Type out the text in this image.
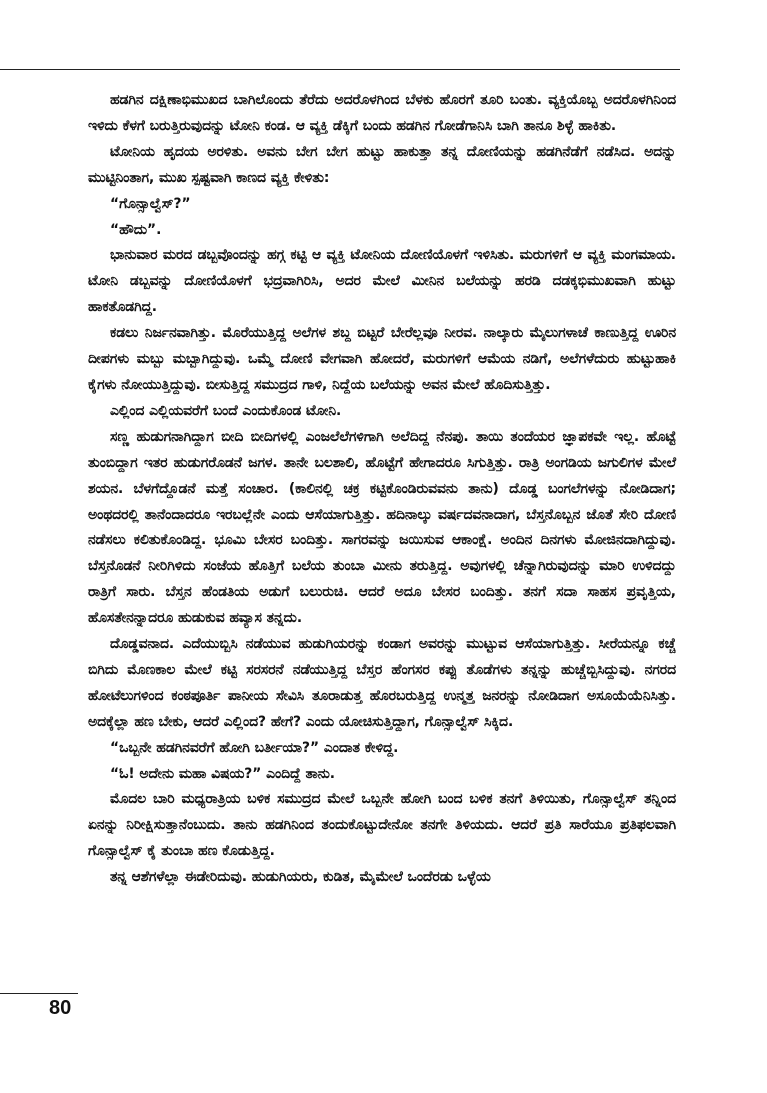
ಹಡಗಿನ ದಕ್ಷಿಣಾಭಿಮುಖದ ಬಾಗಿಲೊಂದು ತೆರೆದು ಅದರೊಳಗಿಂದ ಬೆಳಕು ಹೊರಗೆ ತೂರಿ ಬಂತು. ವ್ಯಕ್ತಿಯೊಬ್ಬ ಅದರೊಳಗಿನಿಂದ ಇಳಿದು ಕೆಳಗೆ ಬರುತ್ತಿರುವುದನ್ನು ಟೋನಿ ಕಂಡ. ಆ ವ್ಯಕ್ತಿ ಡೆಕ್ಕಿಗೆ ಬಂದು ಹಡಗಿನ ಗೋಡೆಗಾನಿಸಿ ಬಾಗಿ ತಾನೂ ಶಿಳ್ಳೆ ಹಾಕಿತು.

ಟೋನಿಯ ಹೃದಯ ಅರಳಿತು. ಅವನು ಬೇಗ ಬೇಗ ಹುಟ್ಟು ಹಾಕುತ್ತಾ ತನ್ನ ದೋಣಿಯನ್ನು ಹಡಗಿನೆಡೆಗೆ ನಡೆಸಿದ. ಅದನ್ನು ಮುಟ್ಟಿನಿಂತಾಗ, ಮುಖ ಸ್ಪಷ್ಟವಾಗಿ ಕಾಣದ ವ್ಯಕ್ತಿ ಕೇಳಿತು:

“ಗೊನ್ಸಾಲ್ವೆಸ್?”

“ಹೌದು”.

ಭಾನುವಾರ ಮರದ ಡಬ್ಬವೊಂದನ್ನು ಹಗ್ಗ ಕಟ್ಟಿ ಆ ವ್ಯಕ್ತಿ ಟೋನಿಯ ದೋಣಿಯೊಳಗೆ ಇಳಿಸಿತು. ಮರುಗಳಿಗೆ ಆ ವ್ಯಕ್ತಿ ಮಂಗಮಾಯ. ಟೋನಿ ಡಬ್ಬವನ್ನು ದೋಣಿಯೊಳಗೆ ಭದ್ರವಾಗಿರಿಸಿ, ಅದರ ಮೇಲೆ ಮೀನಿನ ಬಲೆಯನ್ನು ಹರಡಿ ದಡಕ್ಕಭಿಮುಖವಾಗಿ ಹುಟ್ಟು ಹಾಕತೊಡಗಿದ್ದ.

ಕಡಲು ನಿರ್ಜನವಾಗಿತ್ತು. ಮೊರೆಯುತ್ತಿದ್ದ ಅಲೆಗಳ ಶಬ್ದ ಬಿಟ್ಟರೆ ಬೇರೆಲ್ಲವೂ ನೀರವ. ನಾಲ್ಕಾರು ಮೈಲುಗಳಾಚೆ ಕಾಣುತ್ತಿದ್ದ ಊರಿನ ದೀಪಗಳು ಮಬ್ಬು ಮಬ್ಬಾಗಿದ್ದುವು. ಒಮ್ಮೆ ದೋಣಿ ವೇಗವಾಗಿ ಹೋದರೆ, ಮರುಗಳಿಗೆ ಆಮೆಯ ನಡಿಗೆ, ಅಲೆಗಳೆದುರು ಹುಟ್ಟುಹಾಕಿ ಕೈಗಳು ನೋಯುತ್ತಿದ್ದುವು. ಬೀಸುತ್ತಿದ್ದ ಸಮುದ್ರದ ಗಾಳಿ, ನಿದ್ದೆಯ ಬಲೆಯನ್ನು ಅವನ ಮೇಲೆ ಹೊದಿಸುತ್ತಿತ್ತು.

ಎಲ್ಲಿಂದ ಎಲ್ಲಿಯವರೆಗೆ ಬಂದೆ ಎಂದುಕೊಂಡ ಟೋನಿ.

ಸಣ್ಣ ಹುಡುಗನಾಗಿದ್ದಾಗ ಬೀದಿ ಬೀದಿಗಳಲ್ಲಿ ಎಂಜಲೆಲೆಗಳಿಗಾಗಿ ಅಲೆದಿದ್ದ ನೆನಪು. ತಾಯಿ ತಂದೆಯರ ಜ್ಞಾಪಕವೇ ಇಲ್ಲ. ಹೊಟ್ಟೆ ತುಂಬಿದ್ದಾಗ ಇತರ ಹುಡುಗರೊಡನೆ ಜಗಳ. ತಾನೇ ಬಲಶಾಲಿ, ಹೊಟ್ಟೆಗೆ ಹೇಗಾದರೂ ಸಿಗುತ್ತಿತ್ತು. ರಾತ್ರಿ ಅಂಗಡಿಯ ಜಗುಲಿಗಳ ಮೇಲೆ ಶಯನ. ಬೆಳಗೆದ್ದೊಡನೆ ಮತ್ತೆ ಸಂಚಾರ. (ಕಾಲಿನಲ್ಲಿ ಚಕ್ರ ಕಟ್ಟಿಕೊಂಡಿರುವವನು ತಾನು) ದೊಡ್ಡ ಬಂಗಲೆಗಳನ್ನು ನೋಡಿದಾಗ; ಅಂಥದರಲ್ಲಿ ತಾನೆಂದಾದರೂ ಇರಬಲ್ಲೆನೇ ಎಂದು ಆಸೆಯಾಗುತ್ತಿತ್ತು. ಹದಿನಾಲ್ಕು ವರ್ಷದವನಾದಾಗ, ಬೆಸ್ತನೊಬ್ಬನ ಜೊತೆ ಸೇರಿ ದೋಣಿ ನಡೆಸಲು ಕಲಿತುಕೊಂಡಿದ್ದ. ಭೂಮಿ ಬೇಸರ ಬಂದಿತ್ತು. ಸಾಗರವನ್ನು ಜಯಿಸುವ ಆಕಾಂಕ್ಷೆ. ಅಂದಿನ ದಿನಗಳು ಮೋಜಿನದಾಗಿದ್ದುವು. ಬೆಸ್ತನೊಡನೆ ನೀರಿಗಿಳಿದು ಸಂಜೆಯ ಹೊತ್ತಿಗೆ ಬಲೆಯ ತುಂಬಾ ಮೀನು ತರುತ್ತಿದ್ದ. ಅವುಗಳಲ್ಲಿ ಚೆನ್ನಾಗಿರುವುದನ್ನು ಮಾರಿ ಉಳಿದದ್ದು ರಾತ್ರಿಗೆ ಸಾರು. ಬೆಸ್ತನ ಹೆಂಡತಿಯ ಅಡುಗೆ ಬಲುರುಚಿ. ಆದರೆ ಅದೂ ಬೇಸರ ಬಂದಿತ್ತು. ತನಗೆ ಸದಾ ಸಾಹಸ ಪ್ರವೃತ್ತಿಯ, ಹೊಸತೇನನ್ನಾದರೂ ಹುಡುಕುವ ಹವ್ಯಾಸ ತನ್ನದು.

ದೊಡ್ಡವನಾದ. ಎದೆಯುಬ್ಬಿಸಿ ನಡೆಯುವ ಹುಡುಗಿಯರನ್ನು ಕಂಡಾಗ ಅವರನ್ನು ಮುಟ್ಟುವ ಆಸೆಯಾಗುತ್ತಿತ್ತು. ಸೀರೆಯನ್ನೂ ಕಚ್ಚೆ ಬಿಗಿದು ಮೊಣಕಾಲ ಮೇಲೆ ಕಟ್ಟಿ ಸರಸರನೆ ನಡೆಯುತ್ತಿದ್ದ ಬೆಸ್ತರ ಹೆಂಗಸರ ಕಪ್ಪು ತೊಡೆಗಳು ತನ್ನನ್ನು ಹುಚ್ಚೆಬ್ಬಿಸಿದ್ದುವು. ನಗರದ ಹೋಟೆಲುಗಳಿಂದ ಕಂಠಪೂರ್ತಿ ಪಾನೀಯ ಸೇವಿಸಿ ತೂರಾಡುತ್ತ ಹೊರಬರುತ್ತಿದ್ದ ಉನ್ಮತ್ತ ಜನರನ್ನು ನೋಡಿದಾಗ ಅಸೂಯೆಯೆನಿಸಿತ್ತು. ಅದಕ್ಕೆಲ್ಲಾ ಹಣ ಬೇಕು, ಆದರೆ ಎಲ್ಲಿಂದ? ಹೇಗೆ? ಎಂದು ಯೋಚಿಸುತ್ತಿದ್ದಾಗ, ಗೊನ್ಸಾಲ್ವೆಸ್ ಸಿಕ್ಕಿದ.

“ಒಬ್ಬನೇ ಹಡಗಿನವರೆಗೆ ಹೋಗಿ ಬರ್ತೀಯಾ?” ಎಂದಾತ ಕೇಳಿದ್ದ.

“ಓ! ಅದೇನು ಮಹಾ ವಿಷಯ?” ಎಂದಿದ್ದೆ ತಾನು.

ಮೊದಲ ಬಾರಿ ಮಧ್ಯರಾತ್ರಿಯ ಬಳಿಕ ಸಮುದ್ರದ ಮೇಲೆ ಒಬ್ಬನೇ ಹೋಗಿ ಬಂದ ಬಳಿಕ ತನಗೆ ತಿಳಿಯಿತು, ಗೊನ್ಸಾಲ್ವೆಸ್ ತನ್ನಿಂದ ಏನನ್ನು ನಿರೀಕ್ಷಿಸುತ್ತಾನೆಂಬುದು. ತಾನು ಹಡಗಿನಿಂದ ತಂದುಕೊಟ್ಟುದೇನೋ ತನಗೇ ತಿಳಿಯದು. ಆದರೆ ಪ್ರತಿ ಸಾರೆಯೂ ಪ್ರತಿಫಲವಾಗಿ ಗೊನ್ಸಾಲ್ವೆಸ್ ಕೈ ತುಂಬಾ ಹಣ ಕೊಡುತ್ತಿದ್ದ.

ತನ್ನ ಆಶೆಗಳೆಲ್ಲಾ ಈಡೇರಿದುವು. ಹುಡುಗಿಯರು, ಕುಡಿತ, ಮೈಮೇಲೆ ಒಂದೆರಡು ಒಳ್ಳೆಯ

80
